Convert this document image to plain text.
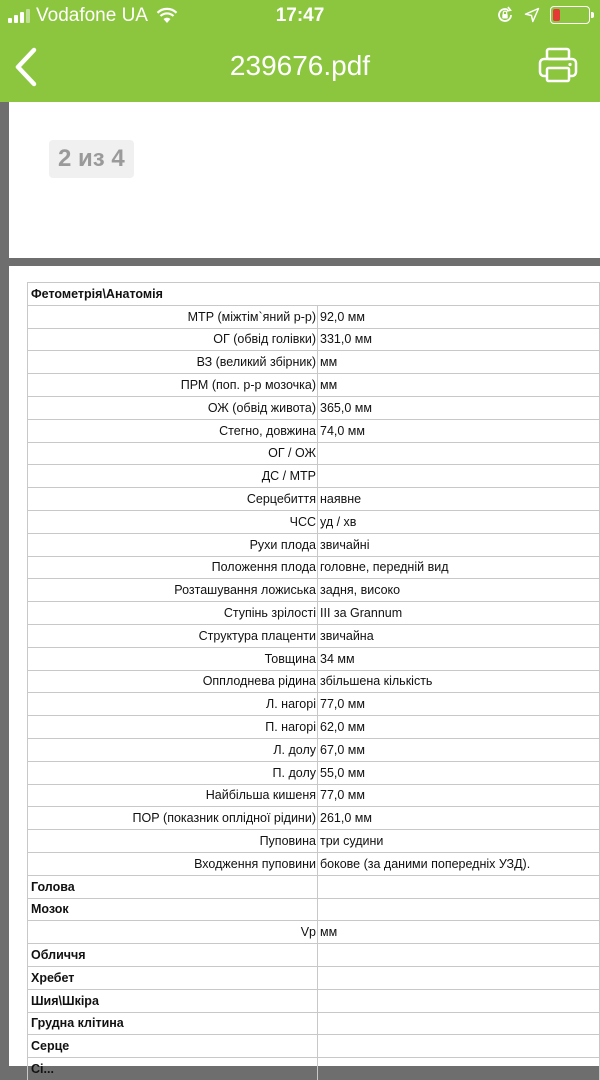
Vodafone UA	17:47
239676.pdf
2 из 4
Фетометрія\Анатомія
МТР (міжтім`яний р-р) 92,0 мм
ОГ (обвід голівки) 331,0 мм
ВЗ (великий збірник) мм
ПРМ (поп. р-р мозочка) мм
ОЖ (обвід живота) 365,0 мм
Стегно, довжина 74,0 мм
ОГ / ОЖ
ДС / МТР
Серцебиття наявне
ЧСС уд / хв
Рухи плода звичайні
Положення плода головне, передній вид
Розташування ложиська задня, високо
Ступінь зрілості III за Grannum
Структура плаценти звичайна
Товщина 34 мм
Опплоднева рідина збільшена кількість
Л. нагорі 77,0 мм
П. нагорі 62,0 мм
Л. долу 67,0 мм
П. долу 55,0 мм
Найбільша кишеня 77,0 мм
ПОР (показник оплідної рідини) 261,0 мм
Пуповина три судини
Входження пуповини бокове (за даними попередніх УЗД).
Голова
Мозок
Vp мм
Обличчя
Хребет
Шия\Шкіра
Грудна клітина
Серце
Сі...
